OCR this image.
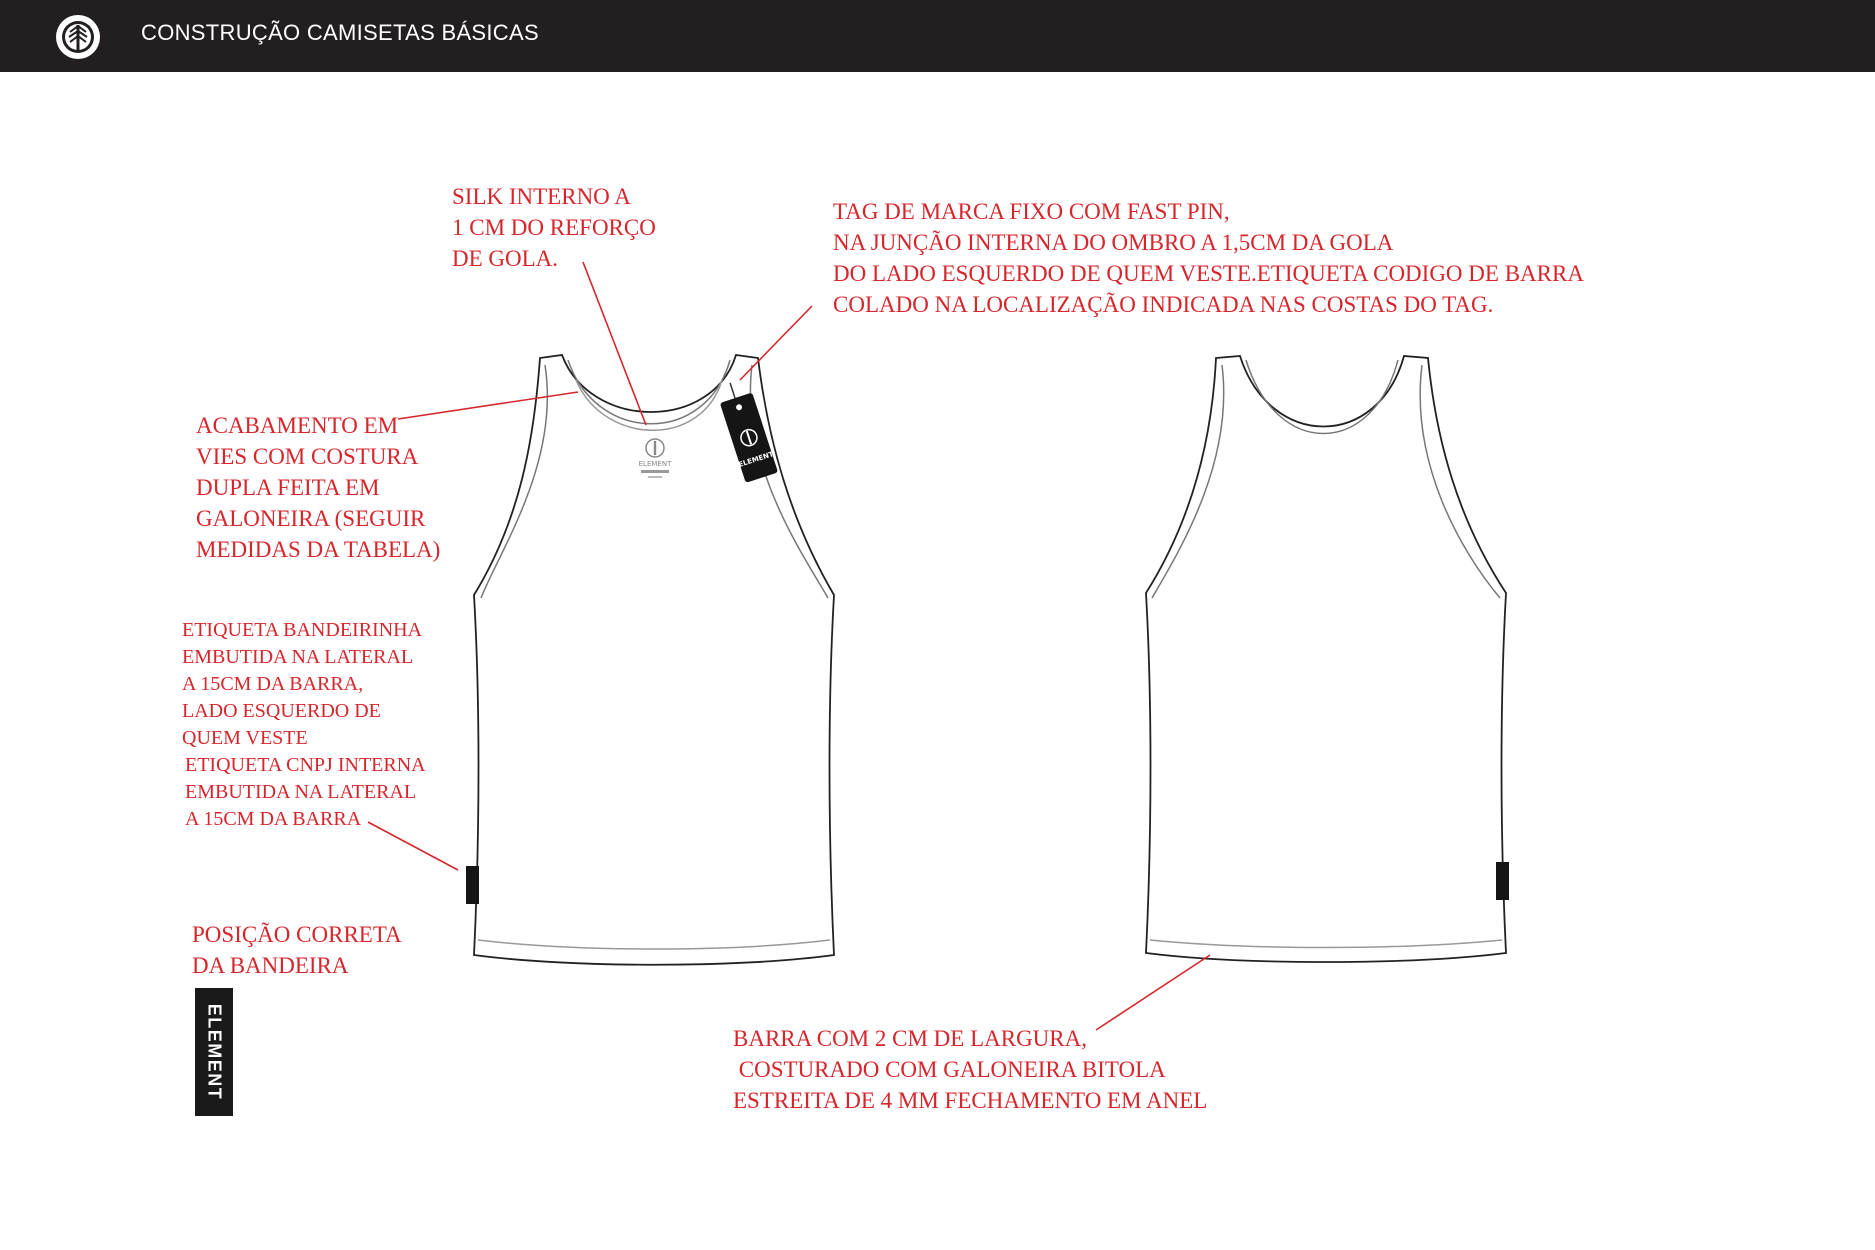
CONSTRUÇÃO CAMISETAS BÁSICAS
ELEMENT	ELEMENT

SILK INTERNO A
1 CM DO REFORÇO
DE GOLA.

TAG DE MARCA FIXO COM FAST PIN,
NA JUNÇÃO INTERNA DO OMBRO A 1,5CM DA GOLA
DO LADO ESQUERDO DE QUEM VESTE.ETIQUETA CODIGO DE BARRA
COLADO NA LOCALIZAÇÃO INDICADA NAS COSTAS DO TAG.

ACABAMENTO EM
VIES COM COSTURA
DUPLA FEITA EM
GALONEIRA (SEGUIR
MEDIDAS DA TABELA)

ETIQUETA BANDEIRINHA
EMBUTIDA NA LATERAL
A 15CM DA BARRA,
LADO ESQUERDO DE
QUEM VESTE

ETIQUETA CNPJ INTERNA
EMBUTIDA NA LATERAL
A 15CM DA BARRA

POSIÇÃO CORRETA
DA BANDEIRA

ELEMENT	BARRA COM 2 CM DE LARGURA,
COSTURADO COM GALONEIRA BITOLA
ESTREITA DE 4 MM FECHAMENTO EM ANEL
